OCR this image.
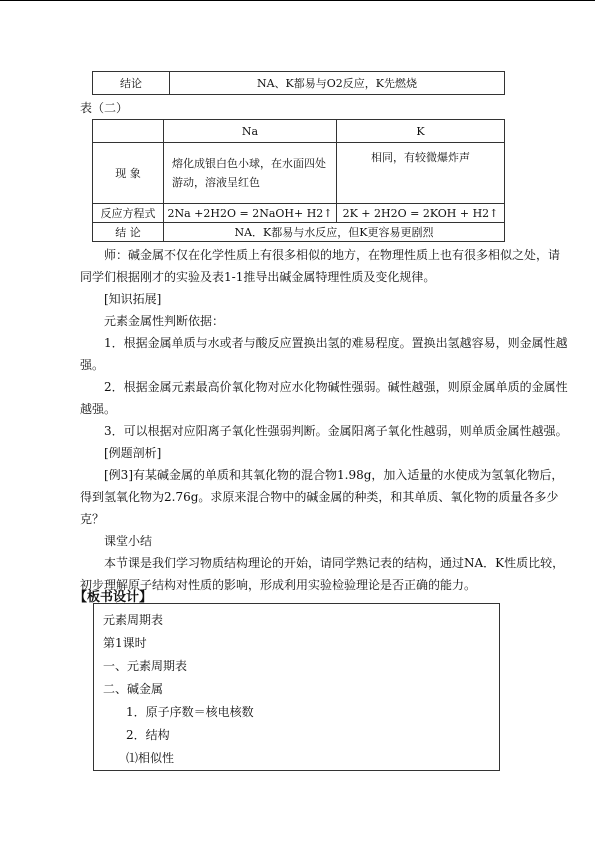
结论	NA、K都易与O2反应，K先燃烧
表（二）
	Na	K
现 象	熔化成银白色小球，在水面四处游动，溶液呈红色	相同，有较微爆炸声
反应方程式	2Na +2H2O = 2NaOH+ H2↑	2K + 2H2O = 2KOH + H2↑
结 论	NA．K都易与水反应，但K更容易更剧烈	
师：碱金属不仅在化学性质上有很多相似的地方，在物理性质上也有很多相似之处，请
同学们根据刚才的实验及表1-1推导出碱金属特理性质及变化规律。
[知识拓展]
元素金属性判断依据：
1．根据金属单质与水或者与酸反应置换出氢的难易程度。置换出氢越容易，则金属性越
强。
2．根据金属元素最高价氧化物对应水化物碱性强弱。碱性越强，则原金属单质的金属性
越强。
3．可以根据对应阳离子氧化性强弱判断。金属阳离子氧化性越弱，则单质金属性越强。
[例题剖析]
[例3]有某碱金属的单质和其氧化物的混合物1.98g，加入适量的水使成为氢氧化物后，
得到氢氧化物为2.76g。求原来混合物中的碱金属的种类，和其单质、氧化物的质量各多少
克？
课堂小结
本节课是我们学习物质结构理论的开始，请同学熟记表的结构，通过NA．K性质比较，
初步理解原子结构对性质的影响，形成利用实验检验理论是否正确的能力。
【板书设计】
元素周期表
第1课时
一、元素周期表
二、碱金属
1．原子序数＝核电核数
2．结构
⑴相似性
